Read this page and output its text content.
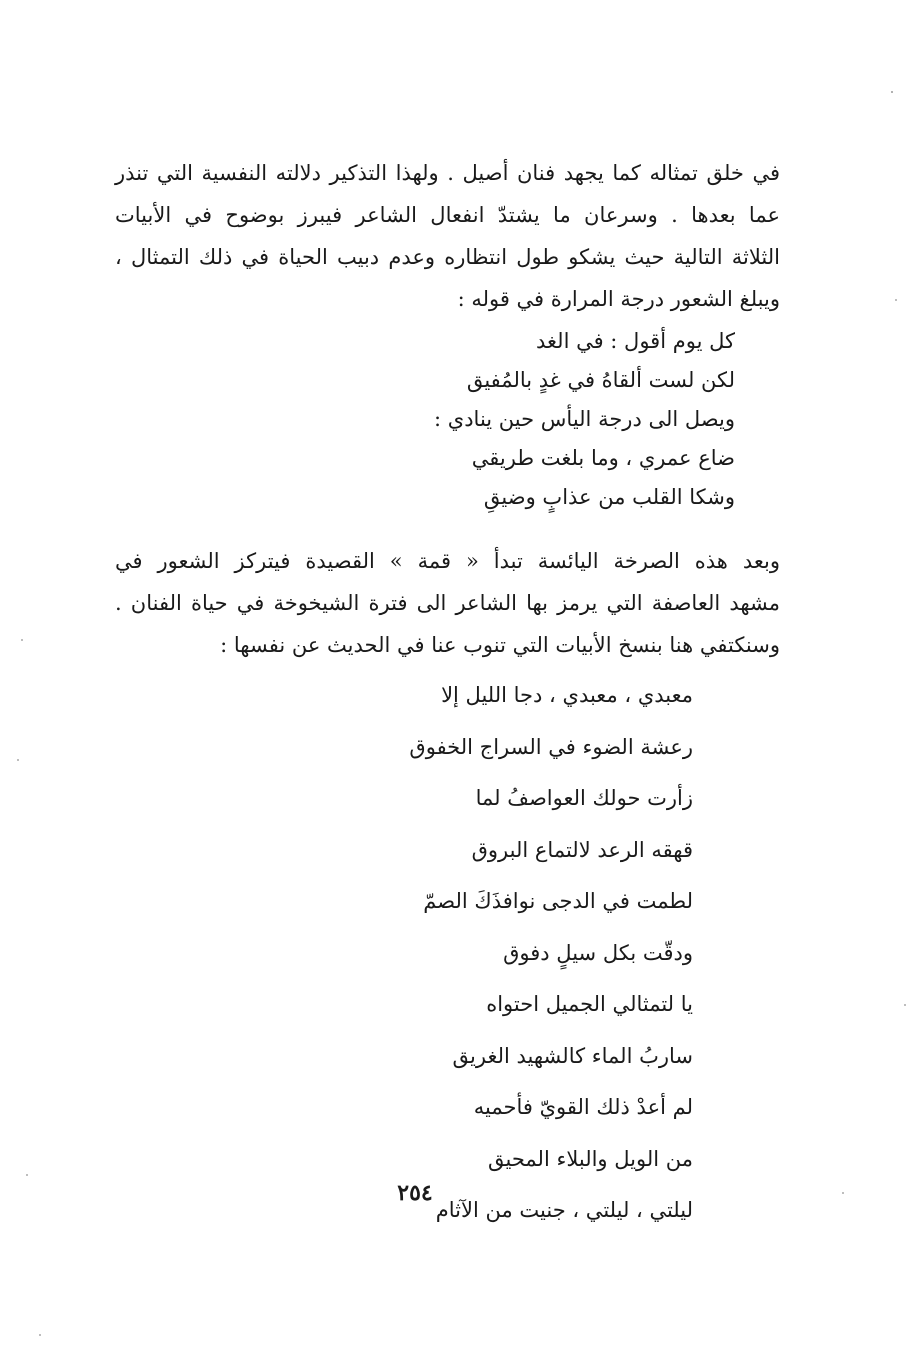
في خلق تمثاله كما يجهد فنان أصيل . ولهذا التذكير دلالته النفسية التي تنذر
عما بعدها . وسرعان ما يشتدّ انفعال الشاعر فيبرز بوضوح في الأبيات
الثلاثة التالية حيث يشكو طول انتظاره وعدم دبيب الحياة في ذلك التمثال ،
ويبلغ الشعور درجة المرارة في قوله :
كل يوم أقول : في الغد
لكن لست ألقاهُ في غدٍ بالمُفيق
ويصل الى درجة اليأس حين ينادي :
ضاع عمري ، وما بلغت طريقي
وشكا القلب من عذابٍ وضيقِ
وبعد هذه الصرخة اليائسة تبدأ « قمة » القصيدة فيتركز الشعور في
مشهد العاصفة التي يرمز بها الشاعر الى فترة الشيخوخة في حياة الفنان .
وسنكتفي هنا بنسخ الأبيات التي تنوب عنا في الحديث عن نفسها :
معبدي ، معبدي ، دجا الليل إلا
رعشة الضوء في السراج الخفوق
زأرت حولك العواصفُ لما
قهقه الرعد لالتماع البروق
لطمت في الدجى نوافذَكَ الصمّ
ودقّت بكل سيلٍ دفوق
يا لتمثالي الجميل احتواه
ساربُ الماء كالشهيد الغريق
لم أعدْ ذلك القويّ فأحميه
من الويل والبلاء المحيق
ليلتي ، ليلتي ، جنيت من الآثام
٢٥٤
